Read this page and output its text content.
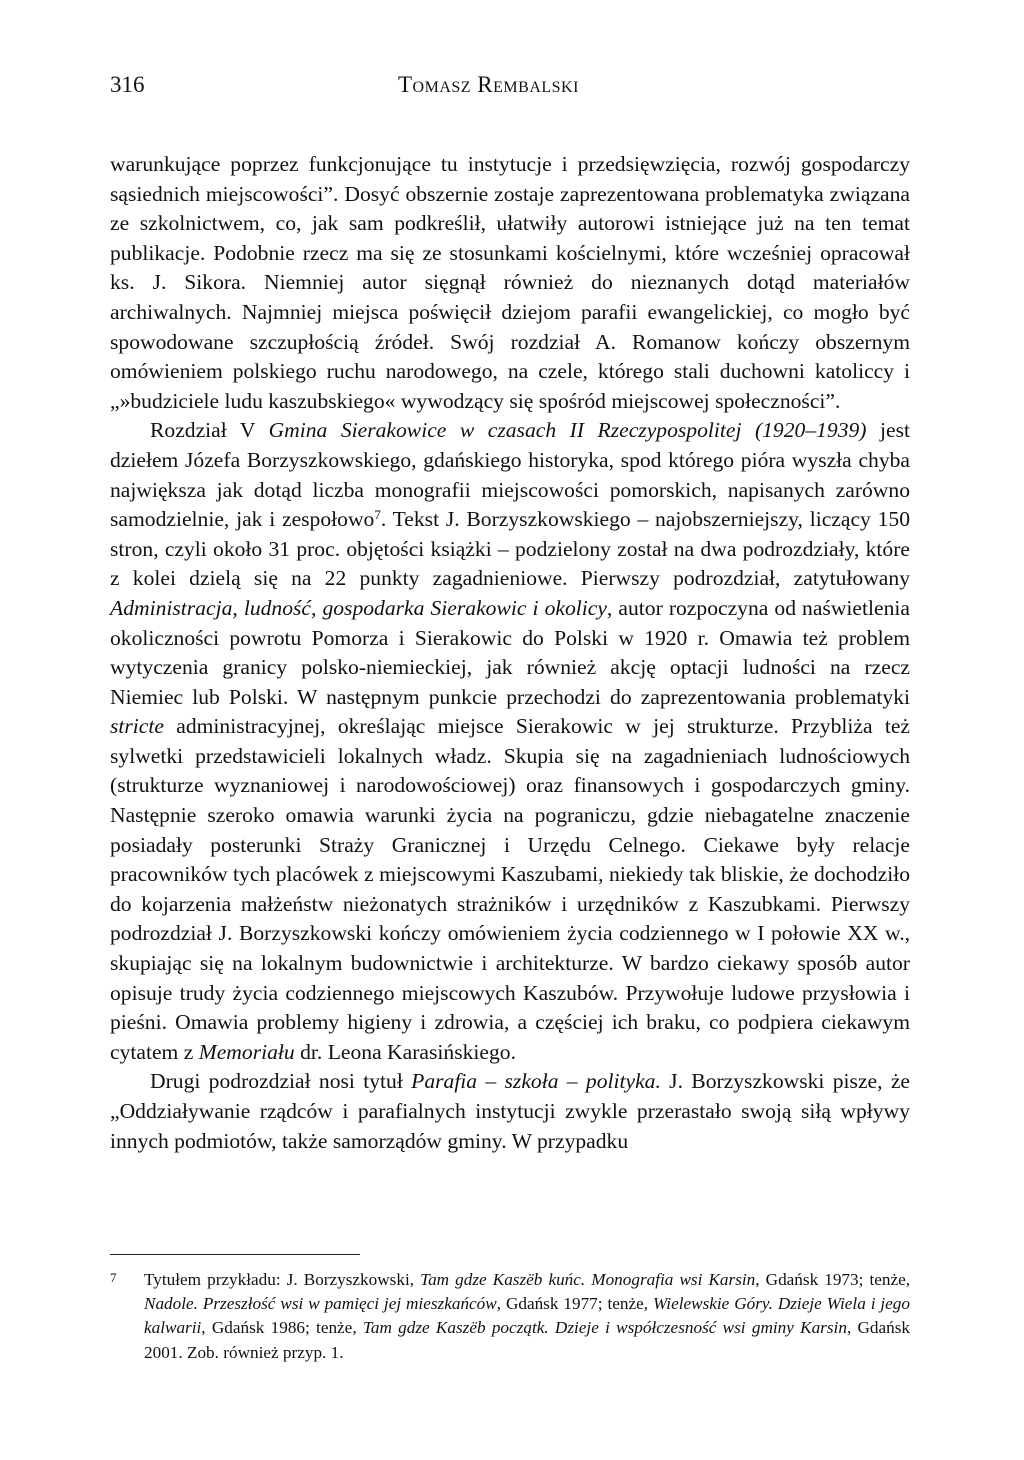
316	Tomasz Rembalski

warunkujące poprzez funkcjonujące tu instytucje i przedsięwzięcia, rozwój gospodarczy sąsiednich miejscowości”. Dosyć obszernie zostaje zaprezentowana problematyka związana ze szkolnictwem, co, jak sam podkreślił, ułatwiły autorowi istniejące już na ten temat publikacje. Podobnie rzecz ma się ze stosunkami kościelnymi, które wcześniej opracował ks. J. Sikora. Niemniej autor sięgnął również do nieznanych dotąd materiałów archiwalnych. Najmniej miejsca poświęcił dziejom parafii ewangelickiej, co mogło być spowodowane szczupłością źródeł. Swój rozdział A. Romanow kończy obszernym omówieniem polskiego ruchu narodowego, na czele, którego stali duchowni katoliccy i „»budziciele ludu kaszubskiego« wywodzący się spośród miejscowej społeczności”.

Rozdział V Gmina Sierakowice w czasach II Rzeczypospolitej (1920–1939) jest dziełem Józefa Borzyszkowskiego, gdańskiego historyka, spod którego pióra wyszła chyba największa jak dotąd liczba monografii miejscowości pomorskich, napisanych zarówno samodzielnie, jak i zespołowo$^7$. Tekst J. Borzyszkowskiego – najobszerniejszy, liczący 150 stron, czyli około 31 proc. objętości książki – podzielony został na dwa podrozdziały, które z kolei dzielą się na 22 punkty zagadnieniowe. Pierwszy podrozdział, zatytułowany Administracja, ludność, gospodarka Sierakowic i okolicy, autor rozpoczyna od naświetlenia okoliczności powrotu Pomorza i Sierakowic do Polski w 1920 r. Omawia też problem wytyczenia granicy polsko-niemieckiej, jak również akcję optacji ludności na rzecz Niemiec lub Polski. W następnym punkcie przechodzi do zaprezentowania problematyki stricte administracyjnej, określając miejsce Sierakowic w jej strukturze. Przybliża też sylwetki przedstawicieli lokalnych władz. Skupia się na zagadnieniach ludnościowych (strukturze wyznaniowej i narodowościowej) oraz finansowych i gospodarczych gminy. Następnie szeroko omawia warunki życia na pograniczu, gdzie niebagatelne znaczenie posiadały posterunki Straży Granicznej i Urzędu Celnego. Ciekawe były relacje pracowników tych placówek z miejscowymi Kaszubami, niekiedy tak bliskie, że dochodziło do kojarzenia małżeństw nieżonatych strażników i urzędników z Kaszubkami. Pierwszy podrozdział J. Borzyszkowski kończy omówieniem życia codziennego w I połowie XX w., skupiając się na lokalnym budownictwie i architekturze. W bardzo ciekawy sposób autor opisuje trudy życia codziennego miejscowych Kaszubów. Przywołuje ludowe przysłowia i pieśni. Omawia problemy higieny i zdrowia, a częściej ich braku, co podpiera ciekawym cytatem z Memoriału dr. Leona Karasińskiego.

Drugi podrozdział nosi tytuł Parafia – szkoła – polityka. J. Borzyszkowski pisze, że „Oddziaływanie rządców i parafialnych instytucji zwykle przerastało swoją siłą wpływy innych podmiotów, także samorządów gminy. W przypadku

7	Tytułem przykładu: J. Borzyszkowski, Tam gdze Kaszëb kuńc. Monografia wsi Karsin, Gdańsk 1973; tenże, Nadole. Przeszłość wsi w pamięci jej mieszkańców, Gdańsk 1977; tenże, Wielewskie Góry. Dzieje Wiela i jego kalwarii, Gdańsk 1986; tenże, Tam gdze Kaszëb początk. Dzieje i współczesność wsi gminy Karsin, Gdańsk 2001. Zob. również przyp. 1.
